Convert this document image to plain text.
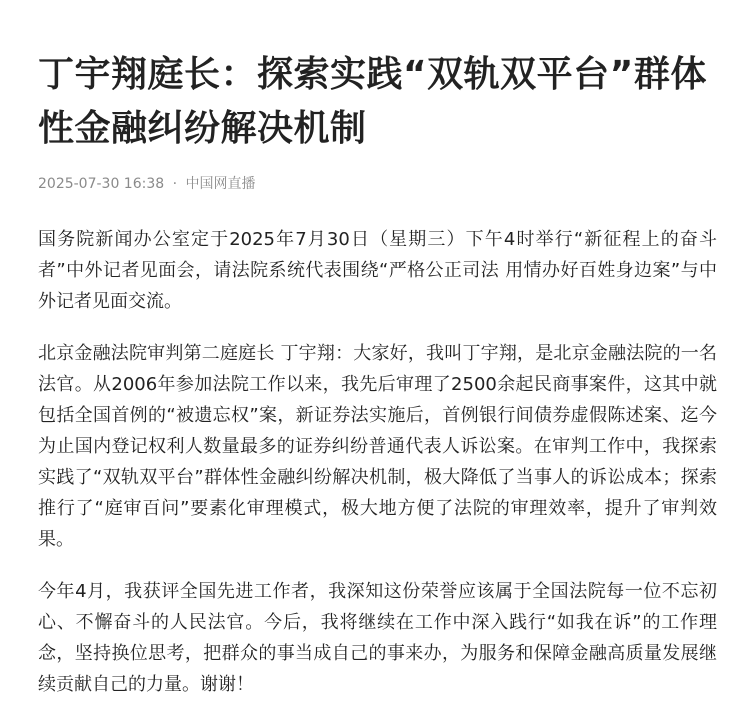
丁宇翔庭长：探索实践“双轨双平台”群体性金融纠纷解决机制
2025-07-30 16:38 · 中国网直播

国务院新闻办公室定于2025年7月30日（星期三）下午4时举行“新征程上的奋斗者”中外记者见面会，请法院系统代表围绕“严格公正司法 用情办好百姓身边案”与中外记者见面交流。

北京金融法院审判第二庭庭长 丁宇翔：大家好，我叫丁宇翔，是北京金融法院的一名法官。从2006年参加法院工作以来，我先后审理了2500余起民商事案件，这其中就包括全国首例的“被遗忘权”案，新证券法实施后，首例银行间债券虚假陈述案、迄今为止国内登记权利人数量最多的证券纠纷普通代表人诉讼案。在审判工作中，我探索实践了“双轨双平台”群体性金融纠纷解决机制，极大降低了当事人的诉讼成本；探索推行了“庭审百问”要素化审理模式，极大地方便了法院的审理效率，提升了审判效果。

今年4月，我获评全国先进工作者，我深知这份荣誉应该属于全国法院每一位不忘初心、不懈奋斗的人民法官。今后，我将继续在工作中深入践行“如我在诉”的工作理念，坚持换位思考，把群众的事当成自己的事来办，为服务和保障金融高质量发展继续贡献自己的力量。谢谢！
